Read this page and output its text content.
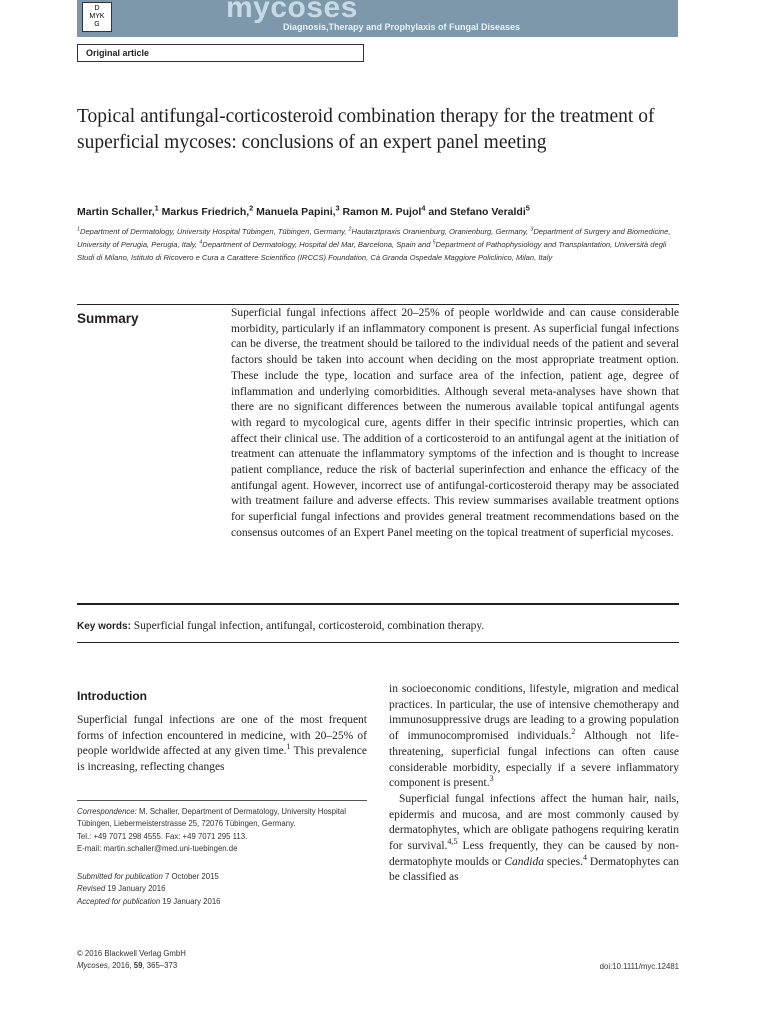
D
MYK
G
mycoses
Diagnosis,Therapy and Prophylaxis of Fungal Diseases
Original article
Topical antifungal-corticosteroid combination therapy for the treatment of superficial mycoses: conclusions of an expert panel meeting
Martin Schaller,$^1$ Markus Friedrich,$^2$ Manuela Papini,$^3$ Ramon M. Pujol$^4$ and Stefano Veraldi$^5$
$^1$Department of Dermatology, University Hospital Tübingen, Tübingen, Germany, $^2$Hautarztpraxis Oranienburg, Oranienburg, Germany, $^3$Department of Surgery and Biomedicine, University of Perugia, Perugia, Italy, $^4$Department of Dermatology, Hospital del Mar, Barcelona, Spain and $^5$Department of Pathophysiology and Transplantation, Università degli Studi di Milano, Istituto di Ricovero e Cura a Carattere Scientifico (IRCCS) Foundation, Cà Granda Ospedale Maggiore Policlinico, Milan, Italy
Summary	Superficial fungal infections affect 20–25% of people worldwide and can cause considerable morbidity, particularly if an inflammatory component is present. As superficial fungal infections can be diverse, the treatment should be tailored to the individual needs of the patient and several factors should be taken into account when deciding on the most appropriate treatment option. These include the type, location and surface area of the infection, patient age, degree of inflammation and underlying comorbidities. Although several meta-analyses have shown that there are no significant differences between the numerous available topical antifungal agents with regard to mycological cure, agents differ in their specific intrinsic properties, which can affect their clinical use. The addition of a corticosteroid to an antifungal agent at the initiation of treatment can attenuate the inflammatory symptoms of the infection and is thought to increase patient compliance, reduce the risk of bacterial superinfection and enhance the efficacy of the antifungal agent. However, incorrect use of antifungal-corticosteroid therapy may be associated with treatment failure and adverse effects. This review summarises available treatment options for superficial fungal infections and provides general treatment recommendations based on the consensus outcomes of an Expert Panel meeting on the topical treatment of superficial mycoses.
Key words: Superficial fungal infection, antifungal, corticosteroid, combination therapy.
Introduction
Superficial fungal infections are one of the most frequent forms of infection encountered in medicine, with 20–25% of people worldwide affected at any given time.$^1$ This prevalence is increasing, reflecting changes
Correspondence: M. Schaller, Department of Dermatology, University Hospital Tübingen, Liebermeisterstrasse 25, 72076 Tübingen, Germany.
Tel.: +49 7071 298 4555. Fax: +49 7071 295 113.
E-mail: martin.schaller@med.uni-tuebingen.de
Submitted for publication 7 October 2015
Revised 19 January 2016
Accepted for publication 19 January 2016

in socioeconomic conditions, lifestyle, migration and medical practices. In particular, the use of intensive chemotherapy and immunosuppressive drugs are leading to a growing population of immunocompromised individuals.$^2$ Although not life-threatening, superficial fungal infections can often cause considerable morbidity, especially if a severe inflammatory component is present.$^3$

Superficial fungal infections affect the human hair, nails, epidermis and mucosa, and are most commonly caused by dermatophytes, which are obligate pathogens requiring keratin for survival.$^{4,5}$ Less frequently, they can be caused by non-dermatophyte moulds or Candida species.$^4$ Dermatophytes can be classified as

© 2016 Blackwell Verlag GmbH
Mycoses, 2016, 59, 365–373	doi:10.1111/myc.12481
